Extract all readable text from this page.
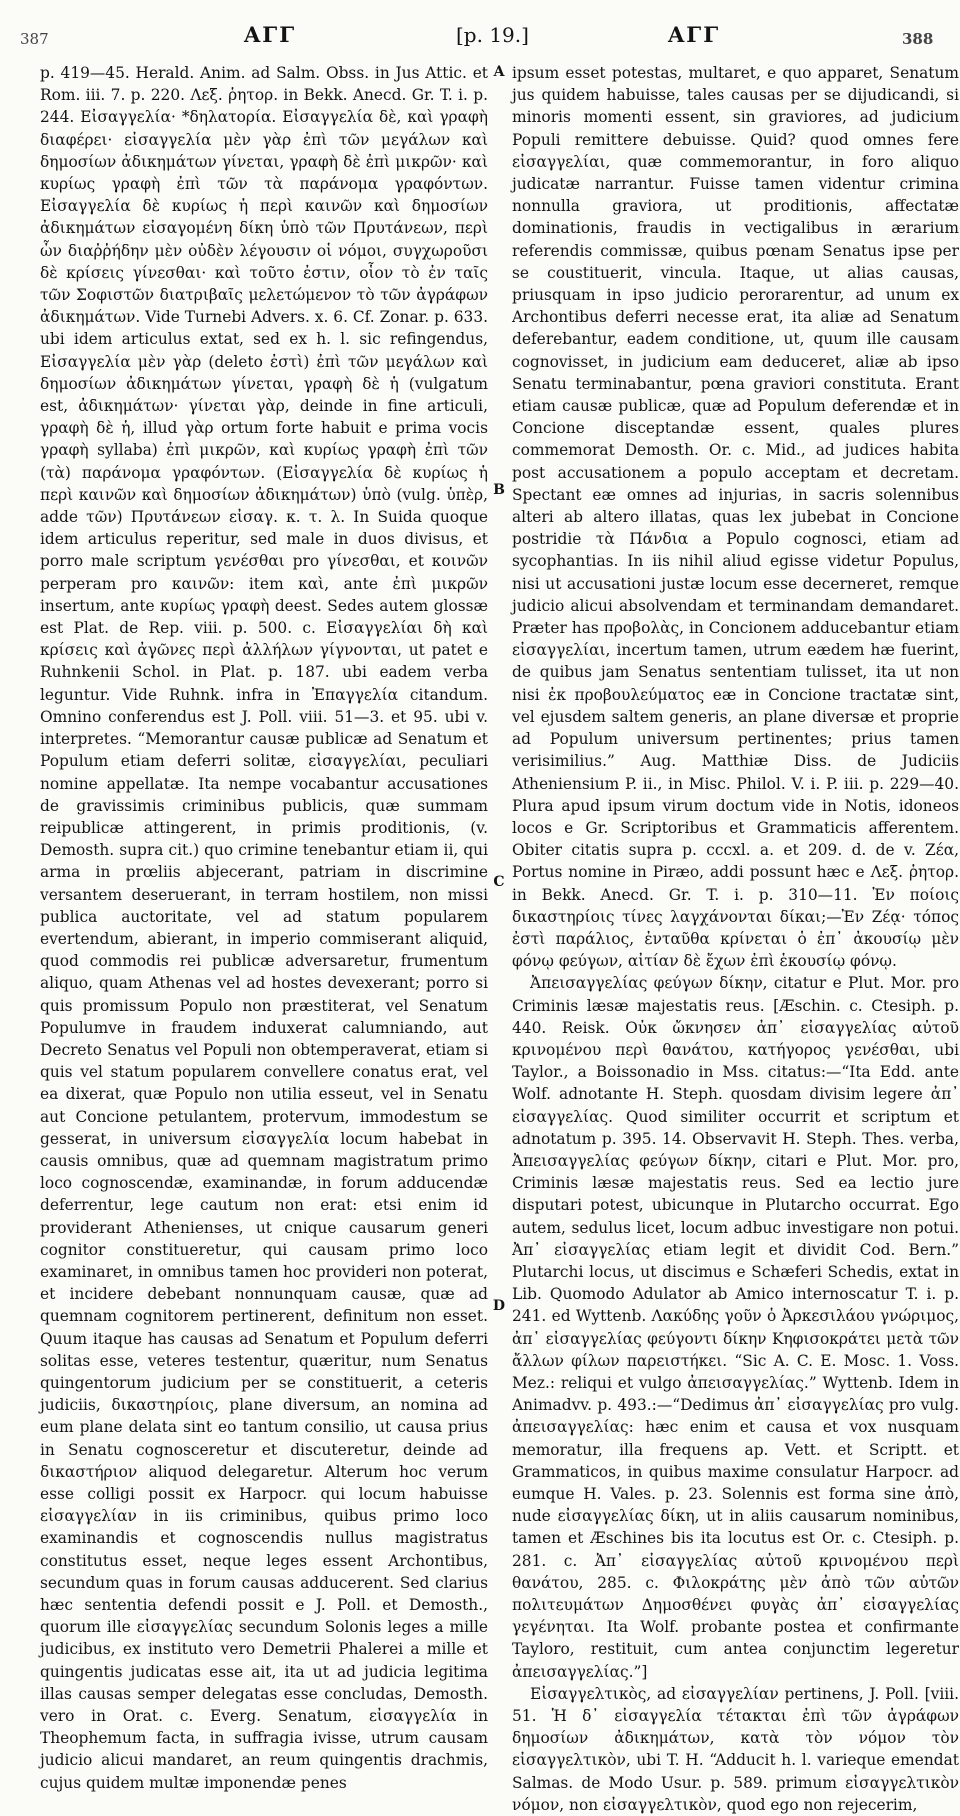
387	ΑΓΓ	[p. 19.]	ΑΓΓ	388

p. 419—45. Herald. Anim. ad Salm. Obss. in Jus Attic. et Rom. iii. 7. p. 220. Λεξ. ῥητορ. in Bekk. Anecd. Gr. T. i. p. 244. Εἰσαγγελία· *δηλατορία. Εἰσαγγελία δὲ, καὶ γραφὴ διαφέρει· εἰσαγγελία μὲν γὰρ ἐπὶ τῶν μεγάλων καὶ δημοσίων ἀδικημάτων γίνεται, γραφὴ δὲ ἐπὶ μικρῶν· καὶ κυρίως γραφὴ ἐπὶ τῶν τὰ παράνομα γραφόντων. Εἰσαγγελία δὲ κυρίως ἡ περὶ καινῶν καὶ δημοσίων ἀδικημάτων εἰσαγομένη δίκη ὑπὸ τῶν Πρυτάνεων, περὶ ὧν διαῤῥήδην μὲν οὐδὲν λέγουσιν οἱ νόμοι, συγχωροῦσι δὲ κρίσεις γίνεσθαι· καὶ τοῦτο ἐστιν, οἷον τὸ ἐν ταῖς τῶν Σοφιστῶν διατριβαῖς μελετώμενον τὸ τῶν ἀγράφων ἀδικημάτων. Vide Turnebi Advers. x. 6. Cf. Zonar. p. 633. ubi idem articulus extat, sed ex h. l. sic refingendus, Εἰσαγγελία μὲν γὰρ (deleto ἐστὶ) ἐπὶ τῶν μεγάλων καὶ δημοσίων ἀδικημάτων γίνεται, γραφὴ δὲ ἡ (vulgatum est, ἀδικημάτων· γίνεται γὰρ, deinde in fine articuli, γραφὴ δὲ ἡ, illud γὰρ ortum forte habuit e prima vocis γραφὴ syllaba) ἐπὶ μικρῶν, καὶ κυρίως γραφὴ ἐπὶ τῶν (τὰ) παράνομα γραφόντων. (Εἰσαγγελία δὲ κυρίως ἡ περὶ καινῶν καὶ δημοσίων ἀδικημάτων) ὑπὸ (vulg. ὑπὲρ, adde τῶν) Πρυτάνεων εἰσαγ. κ. τ. λ. In Suida quoque idem articulus reperitur, sed male in duos divisus, et porro male scriptum γενέσθαι pro γίνεσθαι, et κοινῶν perperam pro καινῶν: item καὶ, ante ἐπὶ μικρῶν insertum, ante κυρίως γραφὴ deest. Sedes autem glossæ est Plat. de Rep. viii. p. 500. c. Εἰσαγγελίαι δὴ καὶ κρίσεις καὶ ἀγῶνες περὶ ἀλλήλων γίγνονται, ut patet e Ruhnkenii Schol. in Plat. p. 187. ubi eadem verba leguntur. Vide Ruhnk. infra in Ἐπαγγελία citandum. Omnino conferendus est J. Poll. viii. 51—3. et 95. ubi v. interpretes. “Memorantur causæ publicæ ad Senatum et Populum etiam deferri solitæ, εἰσαγγελίαι, peculiari nomine appellatæ. Ita nempe vocabantur accusationes de gravissimis criminibus publicis, quæ summam reipublicæ attingerent, in primis proditionis, (v. Demosth. supra cit.) quo crimine tenebantur etiam ii, qui arma in prœliis abjecerant, patriam in discrimine versantem deseruerant, in terram hostilem, non missi publica auctoritate, vel ad statum popularem evertendum, abierant, in imperio commiserant aliquid, quod commodis rei publicæ adversaretur, frumentum aliquo, quam Athenas vel ad hostes devexerant; porro si quis promissum Populo non præstiterat, vel Senatum Populumve in fraudem induxerat calumniando, aut Decreto Senatus vel Populi non obtemperaverat, etiam si quis vel statum popularem convellere conatus erat, vel ea dixerat, quæ Populo non utilia esseut, vel in Senatu aut Concione petulantem, protervum, immodestum se gesserat, in universum εἰσαγγελία locum habebat in causis omnibus, quæ ad quemnam magistratum primo loco cognoscendæ, examinandæ, in forum adducendæ deferrentur, lege cautum non erat: etsi enim id providerant Athenienses, ut cnique causarum generi cognitor constitueretur, qui causam primo loco examinaret, in omnibus tamen hoc provideri non poterat, et incidere debebant nonnunquam causæ, quæ ad quemnam cognitorem pertinerent, definitum non esset. Quum itaque has causas ad Senatum et Populum deferri solitas esse, veteres testentur, quæritur, num Senatus quingentorum judicium per se constituerit, a ceteris judiciis, δικαστηρίοις, plane diversum, an nomina ad eum plane delata sint eo tantum consilio, ut causa prius in Senatu cognosceretur et discuteretur, deinde ad δικαστήριον aliquod delegaretur. Alterum hoc verum esse colligi possit ex Harpocr. qui locum habuisse εἰσαγγελίαν in iis criminibus, quibus primo loco examinandis et cognoscendis nullus magistratus constitutus esset, neque leges essent Archontibus, secundum quas in forum causas adducerent. Sed clarius hæc sententia defendi possit e J. Poll. et Demosth., quorum ille εἰσαγγελίας secundum Solonis leges a mille judicibus, ex instituto vero Demetrii Phalerei a mille et quingentis judicatas esse ait, ita ut ad judicia legitima illas causas semper delegatas esse concludas, Demosth. vero in Orat. c. Everg. Senatum, εἰσαγγελία in Theophemum facta, in suffragia ivisse, utrum causam judicio alicui mandaret, an reum quingentis drachmis, cujus quidem multæ imponendæ penes

A
B
C
D

ipsum esset potestas, multaret, e quo apparet, Senatum jus quidem habuisse, tales causas per se dijudicandi, si minoris momenti essent, sin graviores, ad judicium Populi remittere debuisse. Quid? quod omnes fere εἰσαγγελίαι, quæ commemorantur, in foro aliquo judicatæ narrantur. Fuisse tamen videntur crimina nonnulla graviora, ut proditionis, affectatæ dominationis, fraudis in vectigalibus in ærarium referendis commissæ, quibus pœnam Senatus ipse per se coustituerit, vincula. Itaque, ut alias causas, priusquam in ipso judicio perorarentur, ad unum ex Archontibus deferri necesse erat, ita aliæ ad Senatum deferebantur, eadem conditione, ut, quum ille causam cognovisset, in judicium eam deduceret, aliæ ab ipso Senatu terminabantur, pœna graviori constituta. Erant etiam causæ publicæ, quæ ad Populum deferendæ et in Concione disceptandæ essent, quales plures commemorat Demosth. Or. c. Mid., ad judices habita post accusationem a populo acceptam et decretam. Spectant eæ omnes ad injurias, in sacris solennibus alteri ab altero illatas, quas lex jubebat in Concione postridie τὰ Πάνδια a Populo cognosci, etiam ad sycophantias. In iis nihil aliud egisse videtur Populus, nisi ut accusationi justæ locum esse decerneret, remque judicio alicui absolvendam et terminandam demandaret. Præter has προβολὰς, in Concionem adducebantur etiam εἰσαγγελίαι, incertum tamen, utrum eædem hæ fuerint, de quibus jam Senatus sententiam tulisset, ita ut non nisi ἐκ προβουλεύματος eæ in Concione tractatæ sint, vel ejusdem saltem generis, an plane diversæ et proprie ad Populum universum pertinentes; prius tamen verisimilius.” Aug. Matthiæ Diss. de Judiciis Atheniensium P. ii., in Misc. Philol. V. i. P. iii. p. 229—40. Plura apud ipsum virum doctum vide in Notis, idoneos locos e Gr. Scriptoribus et Grammaticis afferentem. Obiter citatis supra p. cccxl. a. et 209. d. de v. Ζέα, Portus nomine in Piræo, addi possunt hæc e Λεξ. ῥητορ. in Bekk. Anecd. Gr. T. i. p. 310—11. Ἐν ποίοις δικαστηρίοις τίνες λαγχάνονται δίκαι;—Ἐν Ζέᾳ· τόπος ἐστὶ παράλιος, ἐνταῦθα κρίνεται ὁ ἐπ᾽ ἀκουσίῳ μὲν φόνῳ φεύγων, αἰτίαν δὲ ἔχων ἐπὶ ἑκουσίῳ φόνῳ.

Ἀπεισαγγελίας φεύγων δίκην, citatur e Plut. Mor. pro Criminis læsæ majestatis reus. [Æschin. c. Ctesiph. p. 440. Reisk. Οὐκ ὤκνησεν ἀπ᾽ εἰσαγγελίας αὐτοῦ κρινομένου περὶ θανάτου, κατήγορος γενέσθαι, ubi Taylor., a Boissonadio in Mss. citatus:—“Ita Edd. ante Wolf. adnotante H. Steph. quosdam divisim legere ἀπ᾽ εἰσαγγελίας. Quod similiter occurrit et scriptum et adnotatum p. 395. 14. Observavit H. Steph. Thes. verba, Ἀπεισαγγελίας φεύγων δίκην, citari e Plut. Mor. pro, Criminis læsæ majestatis reus. Sed ea lectio jure disputari potest, ubicunque in Plutarcho occurrat. Ego autem, sedulus licet, locum adbuc investigare non potui. Ἀπ᾽ εἰσαγγελίας etiam legit et dividit Cod. Bern.” Plutarchi locus, ut discimus e Schæferi Schedis, extat in Lib. Quomodo Adulator ab Amico internoscatur T. i. p. 241. ed Wyttenb. Λακύδης γοῦν ὁ Ἀρκεσιλάου γνώριμος, ἀπ᾽ εἰσαγγελίας φεύγοντι δίκην Κηφισοκράτει μετὰ τῶν ἄλλων φίλων παρειστήκει. “Sic A. C. E. Mosc. 1. Voss. Mez.: reliqui et vulgo ἀπεισαγγελίας.” Wyttenb. Idem in Animadvv. p. 493.:—“Dedimus ἀπ᾽ εἰσαγγελίας pro vulg. ἀπεισαγγελίας: hæc enim et causa et vox nusquam memoratur, illa frequens ap. Vett. et Scriptt. et Grammaticos, in quibus maxime consulatur Harpocr. ad eumque H. Vales. p. 23. Solennis est forma sine ἀπὸ, nude εἰσαγγελίας δίκη, ut in aliis causarum nominibus, tamen et Æschines bis ita locutus est Or. c. Ctesiph. p. 281. c. Ἀπ᾽ εἰσαγγελίας αὐτοῦ κρινομένου περὶ θανάτου, 285. c. Φιλοκράτης μὲν ἀπὸ τῶν αὐτῶν πολιτευμάτων Δημοσθένει φυγὰς ἀπ᾽ εἰσαγγελίας γεγένηται. Ita Wolf. probante postea et confirmante Tayloro, restituit, cum antea conjunctim legeretur ἀπεισαγγελίας.”]

Εἰσαγγελτικὸς, ad εἰσαγγελίαν pertinens, J. Poll. [viii. 51. Ἡ δ᾽ εἰσαγγελία τέτακται ἐπὶ τῶν ἀγράφων δημοσίων ἀδικημάτων, κατὰ τὸν νόμον τὸν εἰσαγγελτικὸν, ubi T. H. “Adducit h. l. varieque emendat Salmas. de Modo Usur. p. 589. primum εἰσαγγελτικὸν νόμον, non εἰσαγγελτικὸν, quod ego non rejecerim,
